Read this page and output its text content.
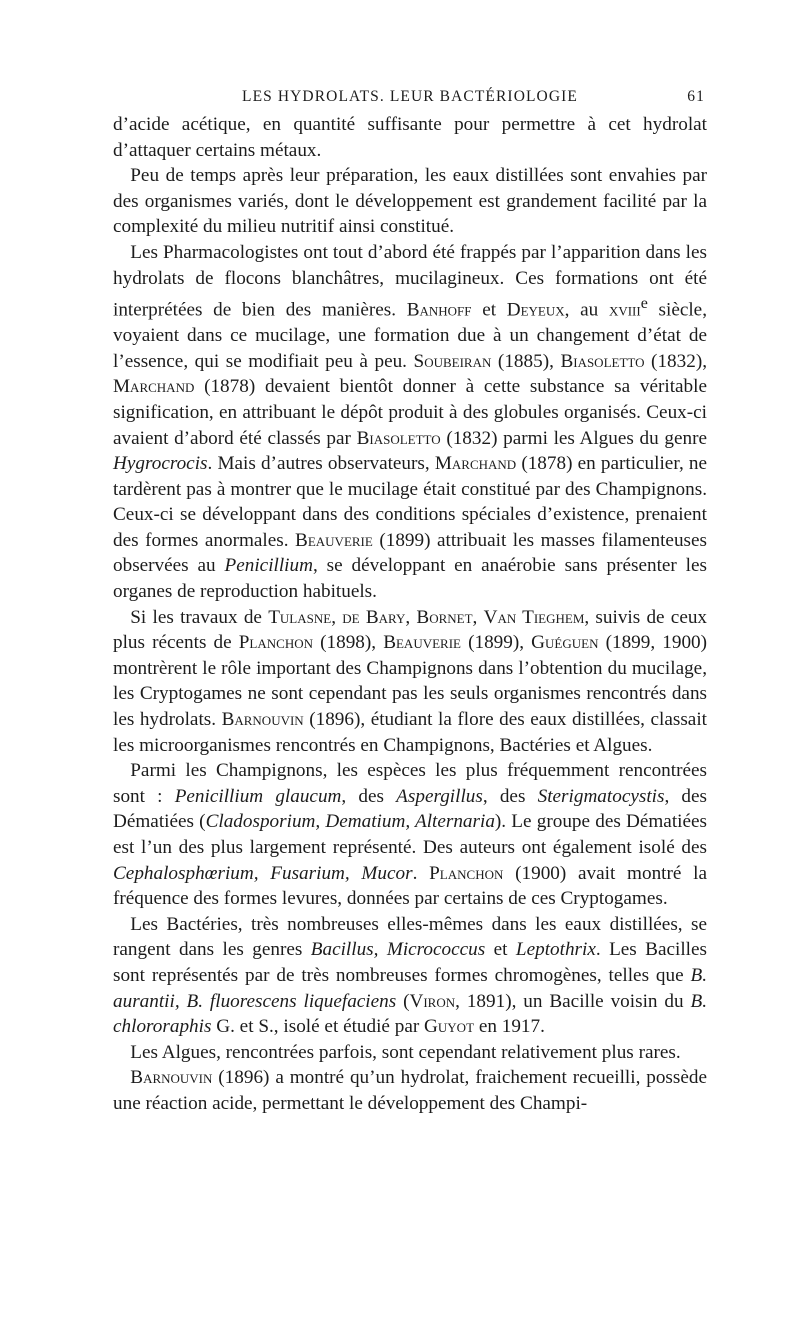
LES HYDROLATS. LEUR BACTÉRIOLOGIE	61

d’acide acétique, en quantité suffisante pour permettre à cet hydrolat d’attaquer certains métaux.

Peu de temps après leur préparation, les eaux distillées sont envahies par des organismes variés, dont le développement est grandement facilité par la complexité du milieu nutritif ainsi constitué.

Les Pharmacologistes ont tout d’abord été frappés par l’apparition dans les hydrolats de flocons blanchâtres, mucilagineux. Ces formations ont été interprétées de bien des manières. Banhoff et Deyeux, au xviii$^e$ siècle, voyaient dans ce mucilage, une formation due à un changement d’état de l’essence, qui se modifiait peu à peu. Soubeiran (1885), Biasoletto (1832), Marchand (1878) devaient bientôt donner à cette substance sa véritable signification, en attribuant le dépôt produit à des globules organisés. Ceux-ci avaient d’abord été classés par Biasoletto (1832) parmi les Algues du genre Hygrocrocis. Mais d’autres observateurs, Marchand (1878) en particulier, ne tardèrent pas à montrer que le mucilage était constitué par des Champignons. Ceux-ci se développant dans des conditions spéciales d’existence, prenaient des formes anormales. Beauverie (1899) attribuait les masses filamenteuses observées au Penicillium, se développant en anaérobie sans présenter les organes de reproduction habituels.

Si les travaux de Tulasne, de Bary, Bornet, Van Tieghem, suivis de ceux plus récents de Planchon (1898), Beauverie (1899), Guéguen (1899, 1900) montrèrent le rôle important des Champignons dans l’obtention du mucilage, les Cryptogames ne sont cependant pas les seuls organismes rencontrés dans les hydrolats. Barnouvin (1896), étudiant la flore des eaux distillées, classait les microorganismes rencontrés en Champignons, Bactéries et Algues.

Parmi les Champignons, les espèces les plus fréquemment rencontrées sont : Penicillium glaucum, des Aspergillus, des Sterigmatocystis, des Dématiées (Cladosporium, Dematium, Alternaria). Le groupe des Dématiées est l’un des plus largement représenté. Des auteurs ont également isolé des Cephalosphœrium, Fusarium, Mucor. Planchon (1900) avait montré la fréquence des formes levures, données par certains de ces Cryptogames.

Les Bactéries, très nombreuses elles-mêmes dans les eaux distillées, se rangent dans les genres Bacillus, Micrococcus et Leptothrix. Les Bacilles sont représentés par de très nombreuses formes chromogènes, telles que B. aurantii, B. fluorescens liquefaciens (Viron, 1891), un Bacille voisin du B. chlororaphis G. et S., isolé et étudié par Guyot en 1917.

Les Algues, rencontrées parfois, sont cependant relativement plus rares.

Barnouvin (1896) a montré qu’un hydrolat, fraichement recueilli, possède une réaction acide, permettant le développement des Champi-
